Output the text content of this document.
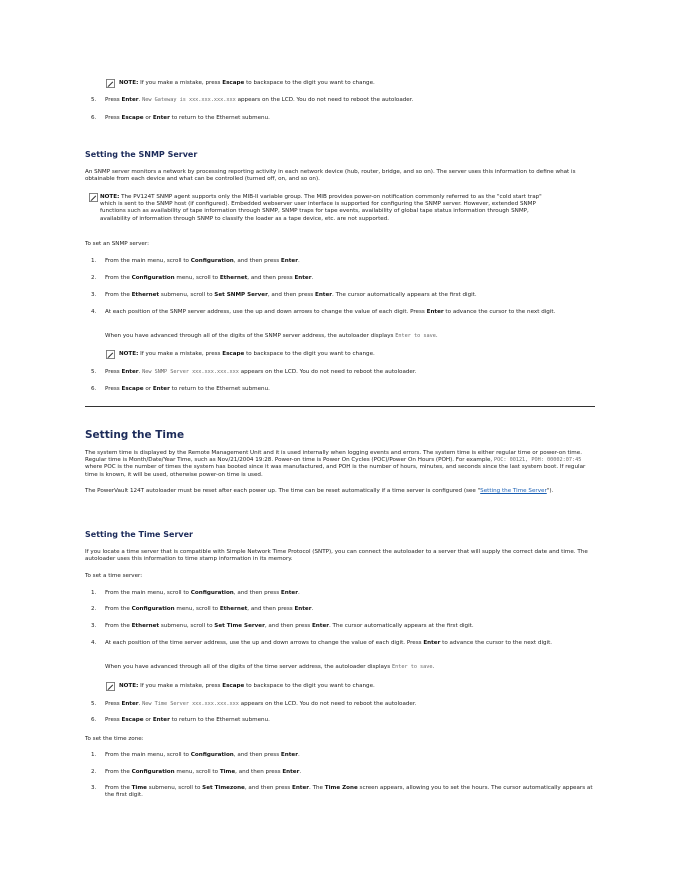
NOTE: If you make a mistake, press Escape to backspace to the digit you want to change.

5. Press Enter. New Gateway is xxx.xxx.xxx.xxx appears on the LCD. You do not need to reboot the autoloader.
6. Press Escape or Enter to return to the Ethernet submenu.
Setting the SNMP Server

An SNMP server monitors a network by processing reporting activity in each network device (hub, router, bridge, and so on). The server uses this information to define what is obtainable from each device and what can be controlled (turned off, on, and so on).

NOTE: The PV124T SNMP agent supports only the MIB-II variable group. The MIB provides power-on notification commonly referred to as the "cold start trap" which is sent to the SNMP host (if configured). Embedded webserver user interface is supported for configuring the SNMP server. However, extended SNMP functions such as availability of tape information through SNMP, SNMP traps for tape events, availability of global tape status information through SNMP, availability of information through SNMP to classify the loader as a tape device, etc. are not supported.

To set an SNMP server:

1. From the main menu, scroll to Configuration, and then press Enter.
2. From the Configuration menu, scroll to Ethernet, and then press Enter.
3. From the Ethernet submenu, scroll to Set SNMP Server, and then press Enter. The cursor automatically appears at the first digit.
4. At each position of the SNMP server address, use the up and down arrows to change the value of each digit. Press Enter to advance the cursor to the next digit.

When you have advanced through all of the digits of the SNMP server address, the autoloader displays Enter to save.

NOTE: If you make a mistake, press Escape to backspace to the digit you want to change.

5. Press Enter. New SNMP Server xxx.xxx.xxx.xxx appears on the LCD. You do not need to reboot the autoloader.
6. Press Escape or Enter to return to the Ethernet submenu.
Setting the Time

The system time is displayed by the Remote Management Unit and it is used internally when logging events and errors. The system time is either regular time or power-on time. Regular time is Month/Date/Year Time, such as Nov/21/2004 19:28. Power-on time is Power On Cycles (POC)/Power On Hours (POH). For example, POC: 00121, POH: 00002:07:45 where POC is the number of times the system has booted since it was manufactured, and POH is the number of hours, minutes, and seconds since the last system boot. If regular time is known, it will be used, otherwise power-on time is used.

The PowerVault 124T autoloader must be reset after each power up. The time can be reset automatically if a time server is configured (see "Setting the Time Server").

Setting the Time Server

If you locate a time server that is compatible with Simple Network Time Protocol (SNTP), you can connect the autoloader to a server that will supply the correct date and time. The autoloader uses this information to time stamp information in its memory.

To set a time server:

1. From the main menu, scroll to Configuration, and then press Enter.
2. From the Configuration menu, scroll to Ethernet, and then press Enter.
3. From the Ethernet submenu, scroll to Set Time Server, and then press Enter. The cursor automatically appears at the first digit.
4. At each position of the time server address, use the up and down arrows to change the value of each digit. Press Enter to advance the cursor to the next digit.

When you have advanced through all of the digits of the time server address, the autoloader displays Enter to save.

NOTE: If you make a mistake, press Escape to backspace to the digit you want to change.

5. Press Enter. New Time Server xxx.xxx.xxx.xxx appears on the LCD. You do not need to reboot the autoloader.
6. Press Escape or Enter to return to the Ethernet submenu.

To set the time zone:

1. From the main menu, scroll to Configuration, and then press Enter.
2. From the Configuration menu, scroll to Time, and then press Enter.
3. From the Time submenu, scroll to Set Timezone, and then press Enter. The Time Zone screen appears, allowing you to set the hours. The cursor automatically appears at the first digit.
